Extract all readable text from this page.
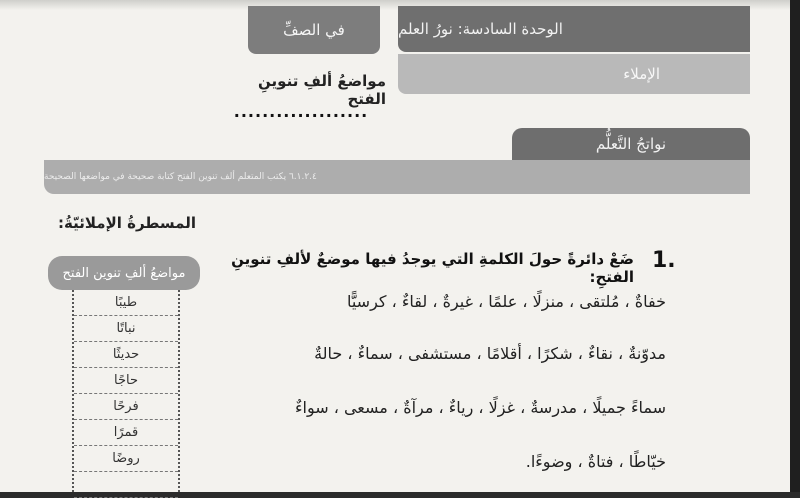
الوحدة السادسة: نورُ العلم
الإملاء
في الصفِّ
مواضعُ ألفِ تنوينِ الفتح
...................
نواتجُ التَّعلُّم
٦.١.٢.٤ يكتب المتعلم ألف تنوين الفتح كتابة صحيحة في مواضعها الصحيحة
المسطرةُ الإملائيّةُ:
مواضعُ ألفِ تنوين الفتح
طيبًا
نباتًا
حديثًا
حاجًا
فرحًا
قمرًا
روضًا
1.
ضَعْ دائرةً حولَ الكلمةِ التي يوجدُ فيها موضعٌ لألفِ تنوينِ الفتحِ:
خفاةٌ ، مُلتقى ، منزلًا ، علمًا ، غيرةٌ ، لقاءٌ ، كرسيًّا
مدوّنةٌ ، نقاءٌ ، شكرًا ، أقلامًا ، مستشفى ، سماءٌ ، حالةٌ
سماءً جميلًا ، مدرسةٌ ، غزلًا ، رياءٌ ، مرآةٌ ، مسعى ، سواءٌ
خيّاطًا ، فتاةٌ ، وضوءًا.
